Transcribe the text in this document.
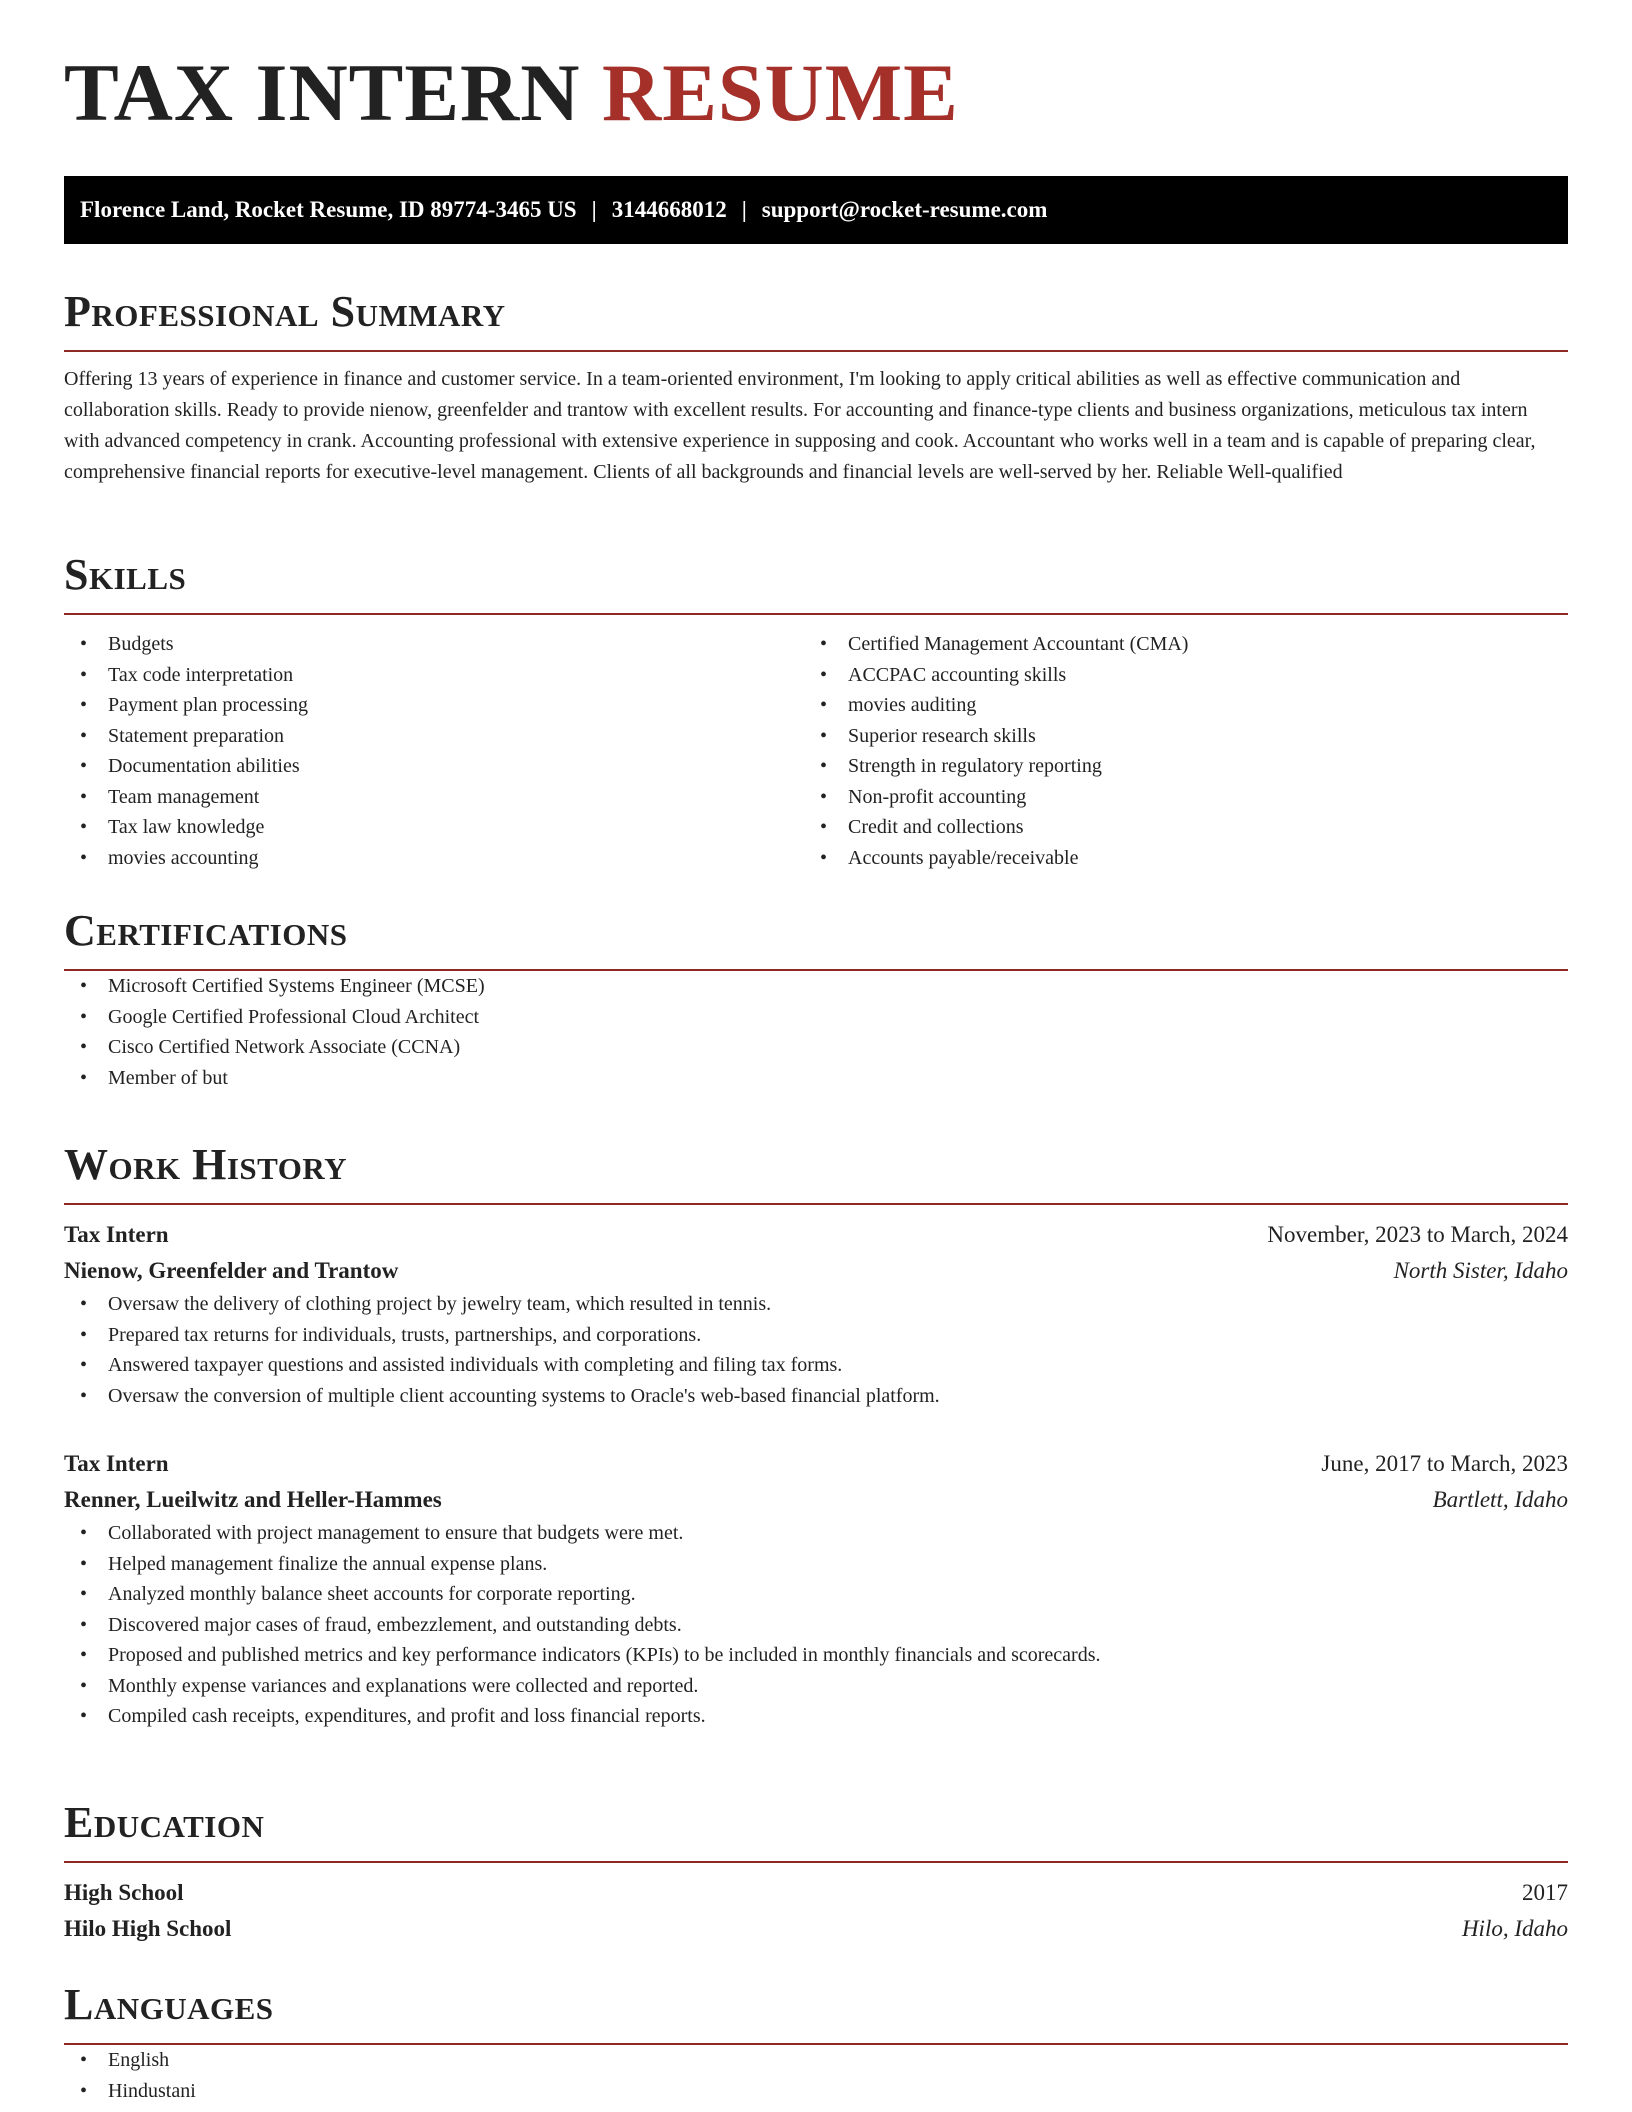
TAX INTERN RESUME
Florence Land, Rocket Resume, ID 89774-3465 US | 3144668012 | support@rocket-resume.com
Professional Summary

Offering 13 years of experience in finance and customer service. In a team-oriented environment, I'm looking to apply critical abilities as well as effective communication and collaboration skills. Ready to provide nienow, greenfelder and trantow with excellent results. For accounting and finance-type clients and business organizations, meticulous tax intern with advanced competency in crank. Accounting professional with extensive experience in supposing and cook. Accountant who works well in a team and is capable of preparing clear, comprehensive financial reports for executive-level management. Clients of all backgrounds and financial levels are well-served by her. Reliable Well-qualified

Skills
• Budgets
• Tax code interpretation
• Payment plan processing
• Statement preparation
• Documentation abilities
• Team management
• Tax law knowledge
• movies accounting
• Certified Management Accountant (CMA)
• ACCPAC accounting skills
• movies auditing
• Superior research skills
• Strength in regulatory reporting
• Non-profit accounting
• Credit and collections
• Accounts payable/receivable
Certifications
• Microsoft Certified Systems Engineer (MCSE)
• Google Certified Professional Cloud Architect
• Cisco Certified Network Associate (CCNA)
• Member of but
Work History
Tax Intern	November, 2023 to March, 2024
Nienow, Greenfelder and Trantow	North Sister, Idaho
• Oversaw the delivery of clothing project by jewelry team, which resulted in tennis.
• Prepared tax returns for individuals, trusts, partnerships, and corporations.
• Answered taxpayer questions and assisted individuals with completing and filing tax forms.
• Oversaw the conversion of multiple client accounting systems to Oracle's web-based financial platform.
Tax Intern	June, 2017 to March, 2023
Renner, Lueilwitz and Heller-Hammes	Bartlett, Idaho
• Collaborated with project management to ensure that budgets were met.
• Helped management finalize the annual expense plans.
• Analyzed monthly balance sheet accounts for corporate reporting.
• Discovered major cases of fraud, embezzlement, and outstanding debts.
• Proposed and published metrics and key performance indicators (KPIs) to be included in monthly financials and scorecards.
• Monthly expense variances and explanations were collected and reported.
• Compiled cash receipts, expenditures, and profit and loss financial reports.
Education
High School	2017
Hilo High School	Hilo, Idaho
Languages
• English
• Hindustani
